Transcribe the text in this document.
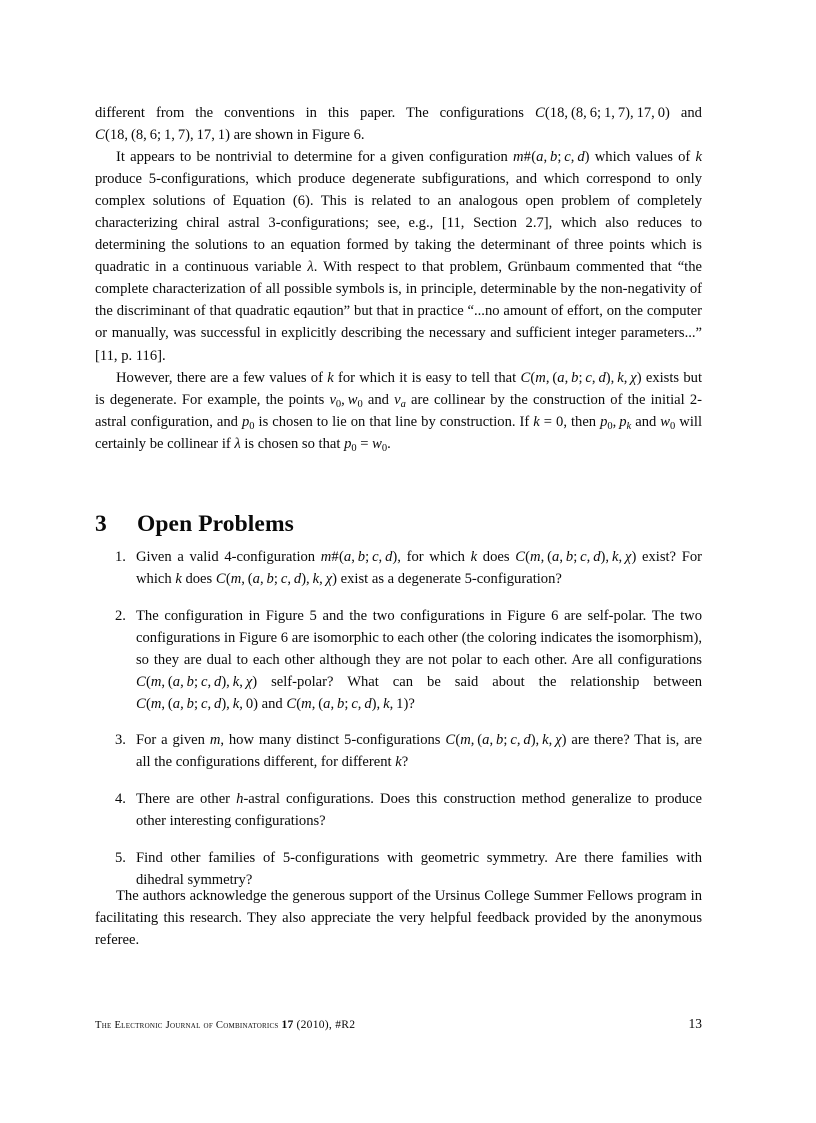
different from the conventions in this paper. The configurations C(18, (8, 6; 1, 7), 17, 0) and C(18, (8, 6; 1, 7), 17, 1) are shown in Figure 6.

It appears to be nontrivial to determine for a given configuration m#(a, b; c, d) which values of k produce 5-configurations, which produce degenerate subfigurations, and which correspond to only complex solutions of Equation (6). This is related to an analogous open problem of completely characterizing chiral astral 3-configurations; see, e.g., [11, Section 2.7], which also reduces to determining the solutions to an equation formed by taking the determinant of three points which is quadratic in a continuous variable λ. With respect to that problem, Grünbaum commented that “the complete characterization of all possible symbols is, in principle, determinable by the non-negativity of the discriminant of that quadratic eqaution” but that in practice “...no amount of effort, on the computer or manually, was successful in explicitly describing the necessary and sufficient integer parameters...” [11, p. 116].

However, there are a few values of k for which it is easy to tell that C(m, (a, b; c, d), k, χ) exists but is degenerate. For example, the points $v_0$, $w_0$ and $v_a$ are collinear by the construction of the initial 2-astral configuration, and $p_0$ is chosen to lie on that line by construction. If k = 0, then $p_0$, $p_k$ and $w_0$ will certainly be collinear if λ is chosen so that $p_0 = w_0$.

3 Open Problems
1. Given a valid 4-configuration m#(a, b; c, d), for which k does C(m, (a, b; c, d), k, χ) exist? For which k does C(m, (a, b; c, d), k, χ) exist as a degenerate 5-configuration?
2. The configuration in Figure 5 and the two configurations in Figure 6 are self-polar. The two configurations in Figure 6 are isomorphic to each other (the coloring indicates the isomorphism), so they are dual to each other although they are not polar to each other. Are all configurations C(m, (a, b; c, d), k, χ) self-polar? What can be said about the relationship between C(m, (a, b; c, d), k, 0) and C(m, (a, b; c, d), k, 1)?
3. For a given m, how many distinct 5-configurations C(m, (a, b; c, d), k, χ) are there? That is, are all the configurations different, for different k?
4. There are other h-astral configurations. Does this construction method generalize to produce other interesting configurations?
5. Find other families of 5-configurations with geometric symmetry. Are there families with dihedral symmetry?

The authors acknowledge the generous support of the Ursinus College Summer Fellows program in facilitating this research. They also appreciate the very helpful feedback provided by the anonymous referee.

The Electronic Journal of Combinatorics 17 (2010), #R2	13
